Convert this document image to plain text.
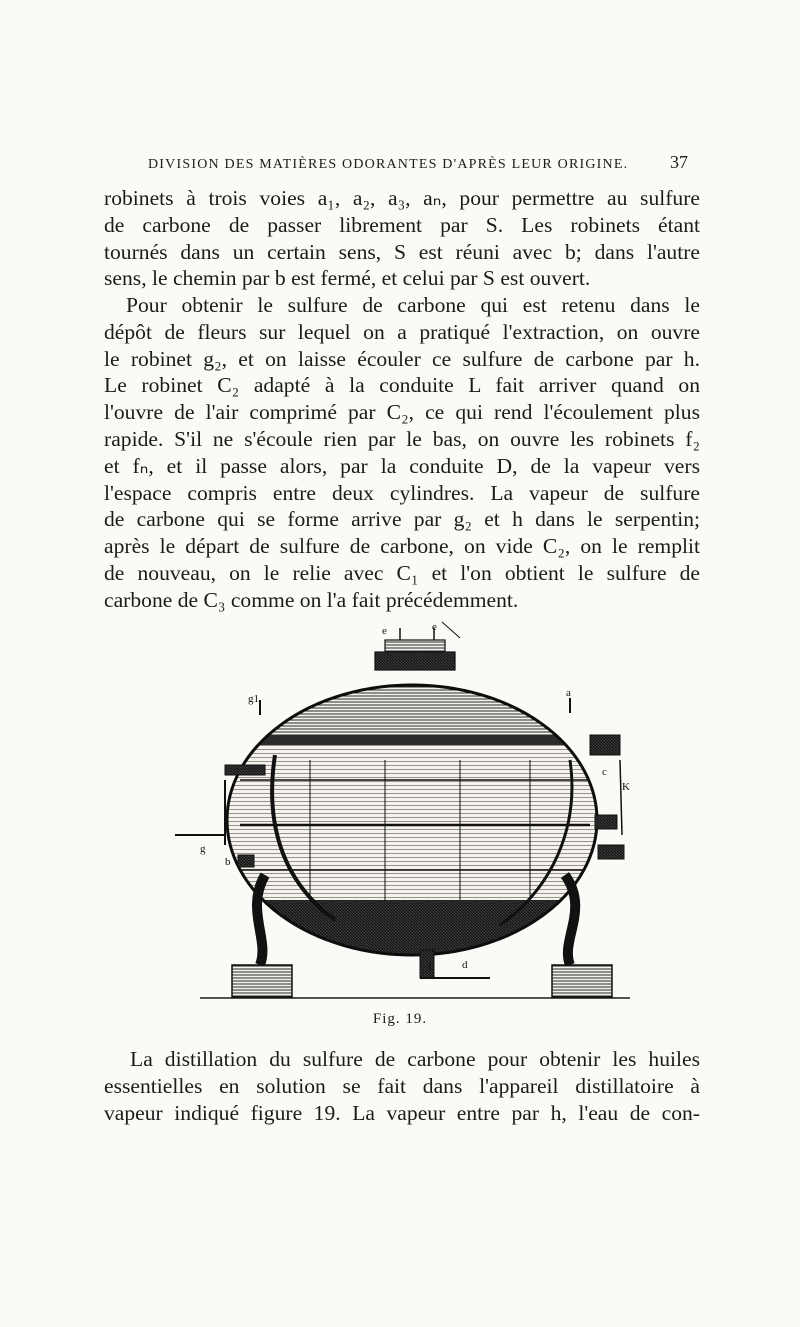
DIVISION DES MATIÈRES ODORANTES D'APRÈS LEUR ORIGINE. 37
robinets à trois voies a₁, a₂, a₃, aₙ, pour permettre au sulfure
de carbone de passer librement par S. Les robinets étant
tournés dans un certain sens, S est réuni avec b; dans l'autre
sens, le chemin par b est fermé, et celui par S est ouvert.
Pour obtenir le sulfure de carbone qui est retenu dans le
dépôt de fleurs sur lequel on a pratiqué l'extraction, on ouvre
le robinet g₂, et on laisse écouler ce sulfure de carbone par h.
Le robinet C₂ adapté à la conduite L fait arriver quand on
l'ouvre de l'air comprimé par C₂, ce qui rend l'écoulement plus
rapide. S'il ne s'écoule rien par le bas, on ouvre les robinets f₂
et fₙ, et il passe alors, par la conduite D, de la vapeur vers
l'espace compris entre deux cylindres. La vapeur de sulfure
de carbone qui se forme arrive par g₂ et h dans le serpentin;
après le départ de sulfure de carbone, on vide C₂, on le remplit
de nouveau, on le relie avec C₁ et l'on obtient le sulfure de
carbone de C₃ comme on l'a fait précédemment.
e	e
g1	a
c
K
g
b
f	d
Fig. 19.
La distillation du sulfure de carbone pour obtenir les huiles
essentielles en solution se fait dans l'appareil distillatoire à
vapeur indiqué figure 19. La vapeur entre par h, l'eau de con-
